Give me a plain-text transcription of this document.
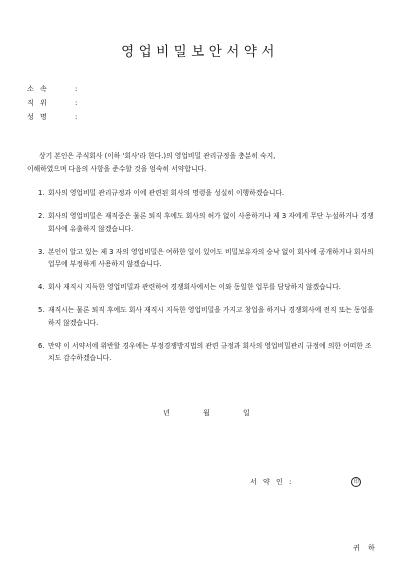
영업비밀보안서약서
소 속	:
직 위	:
성 명	:
상기 본인은 주식회사 (이하 '회사'라 한다.)의 영업비밀 관리규정을 충분히 숙지,
이해하였으며 다음의 사항을 준수할 것을 엄숙히 서약합니다.
1. 회사의 영업비밀 관리규정과 이에 관련된 회사의 명령을 성실히 이행하겠습니다.
2. 회사의 영업비밀은 재직중은 물론 퇴직 후에도 회사의 허가 없이 사용하거나 제 3 자에게 무단 누설하거나 경쟁회사에 유출하지 않겠습니다.
3. 본인이 알고 있는 제 3 자의 영업비밀은 여하한 일이 있어도 비밀보유자의 승낙 없이 회사에 공개하거나 회사의 업무에 부정하게 사용하지 않겠습니다.
4. 회사 재직시 지득한 영업비밀과 관련하여 경쟁회사에서는 이와 동일한 업무를 담당하지 않겠습니다.
5. 재직시는 물론 퇴직 후에도 회사 재직시 지득한 영업비밀을 가지고 창업을 하거나 경쟁회사에 전직 또는 동업을 하지 않겠습니다.
6. 만약 이 서약서에 위반할 경우에는 부정경쟁방지법의 관련 규정과 회사의 영업비밀관리 규정에 의한 어떠한 조치도 감수하겠습니다.
년	월	일
서 약 인 :	印
귀 하
